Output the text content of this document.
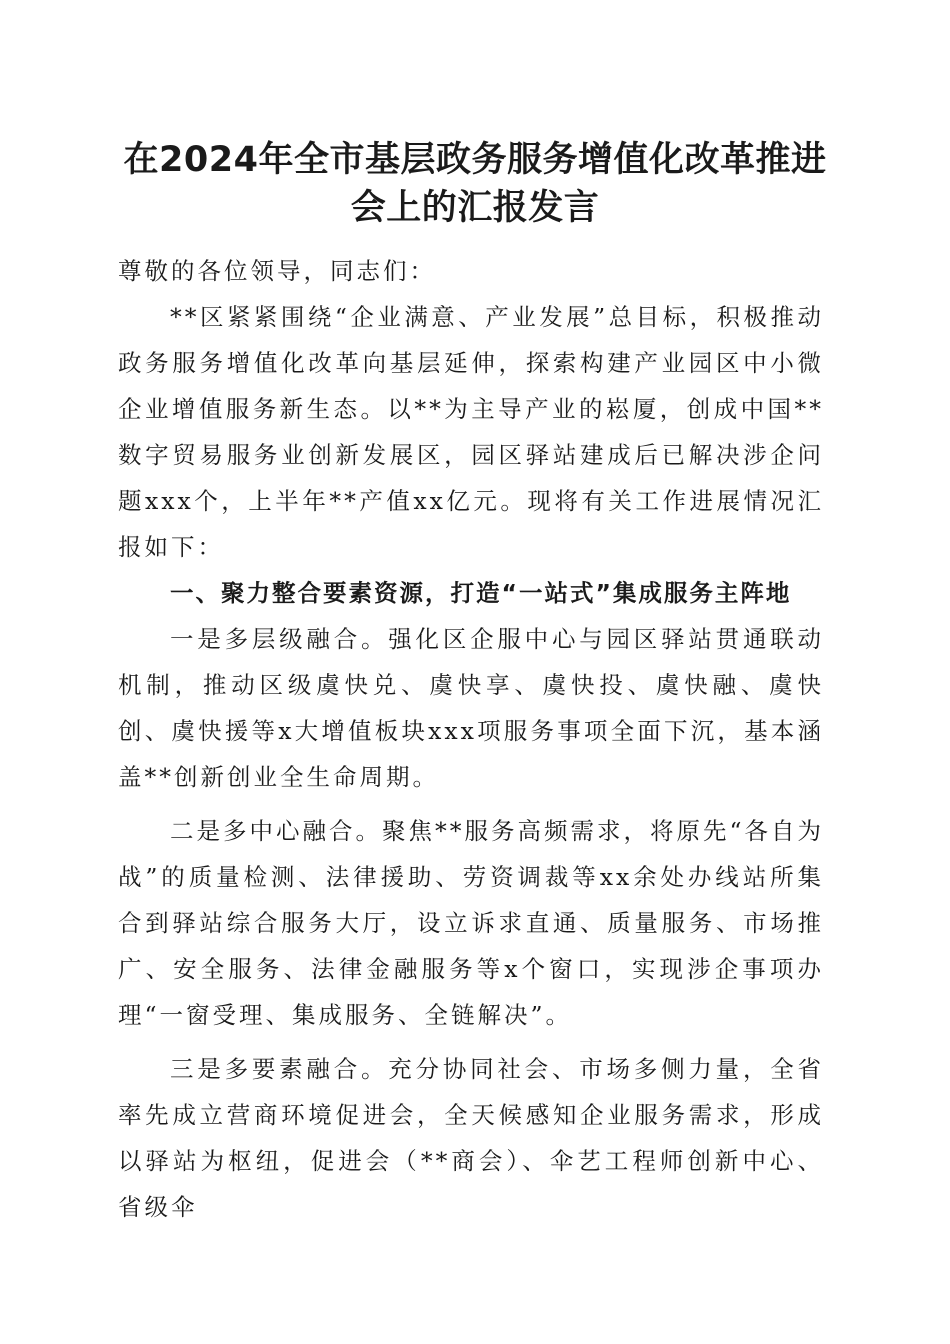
在2024年全市基层政务服务增值化改革推进会上的汇报发言

尊敬的各位领导，同志们：

**区紧紧围绕“企业满意、产业发展”总目标，积极推动政务服务增值化改革向基层延伸，探索构建产业园区中小微企业增值服务新生态。以**为主导产业的崧厦，创成中国**数字贸易服务业创新发展区，园区驿站建成后已解决涉企问题xxx个，上半年**产值xx亿元。现将有关工作进展情况汇报如下：

一、聚力整合要素资源，打造“一站式”集成服务主阵地

一是多层级融合。强化区企服中心与园区驿站贯通联动机制，推动区级虞快兑、虞快享、虞快投、虞快融、虞快创、虞快援等x大增值板块xxx项服务事项全面下沉，基本涵盖**创新创业全生命周期。

二是多中心融合。聚焦**服务高频需求，将原先“各自为战”的质量检测、法律援助、劳资调裁等xx余处办线站所集合到驿站综合服务大厅，设立诉求直通、质量服务、市场推广、安全服务、法律金融服务等x个窗口，实现涉企事项办理“一窗受理、集成服务、全链解决”。

三是多要素融合。充分协同社会、市场多侧力量，全省率先成立营商环境促进会，全天候感知企业服务需求，形成以驿站为枢纽，促进会（**商会）、伞艺工程师创新中心、省级伞
